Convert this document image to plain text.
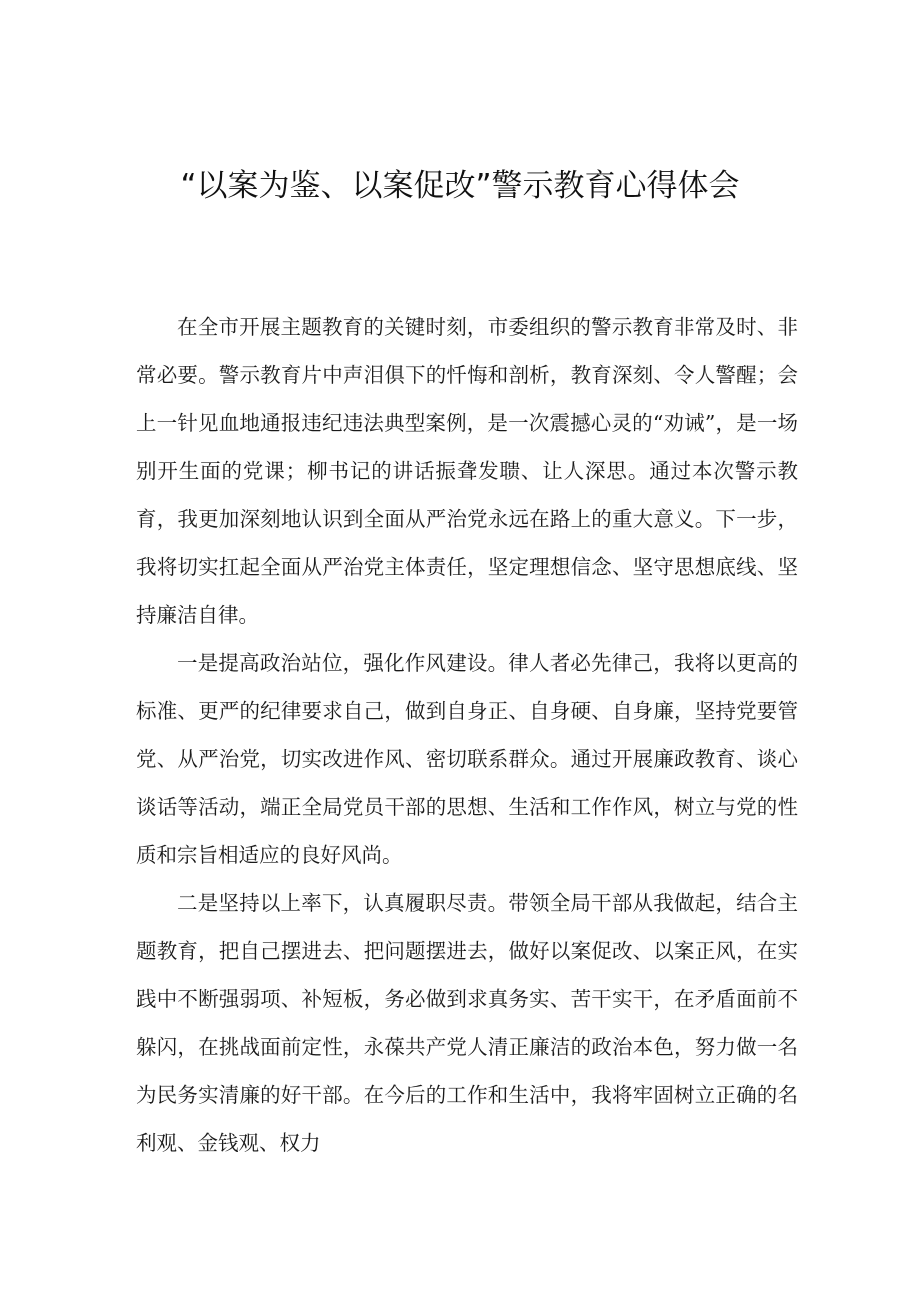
“以案为鉴、以案促改”警示教育心得体会

在全市开展主题教育的关键时刻，市委组织的警示教育非常及时、非常必要。警示教育片中声泪俱下的忏悔和剖析，教育深刻、令人警醒；会上一针见血地通报违纪违法典型案例，是一次震撼心灵的“劝诫”，是一场别开生面的党课；柳书记的讲话振聋发聩、让人深思。通过本次警示教育，我更加深刻地认识到全面从严治党永远在路上的重大意义。下一步，我将切实扛起全面从严治党主体责任，坚定理想信念、坚守思想底线、坚持廉洁自律。

一是提高政治站位，强化作风建设。律人者必先律己，我将以更高的标准、更严的纪律要求自己，做到自身正、自身硬、自身廉，坚持党要管党、从严治党，切实改进作风、密切联系群众。通过开展廉政教育、谈心谈话等活动，端正全局党员干部的思想、生活和工作作风，树立与党的性质和宗旨相适应的良好风尚。

二是坚持以上率下，认真履职尽责。带领全局干部从我做起，结合主题教育，把自己摆进去、把问题摆进去，做好以案促改、以案正风，在实践中不断强弱项、补短板，务必做到求真务实、苦干实干，在矛盾面前不躲闪，在挑战面前定性，永葆共产党人清正廉洁的政治本色，努力做一名为民务实清廉的好干部。在今后的工作和生活中，我将牢固树立正确的名利观、金钱观、权力
